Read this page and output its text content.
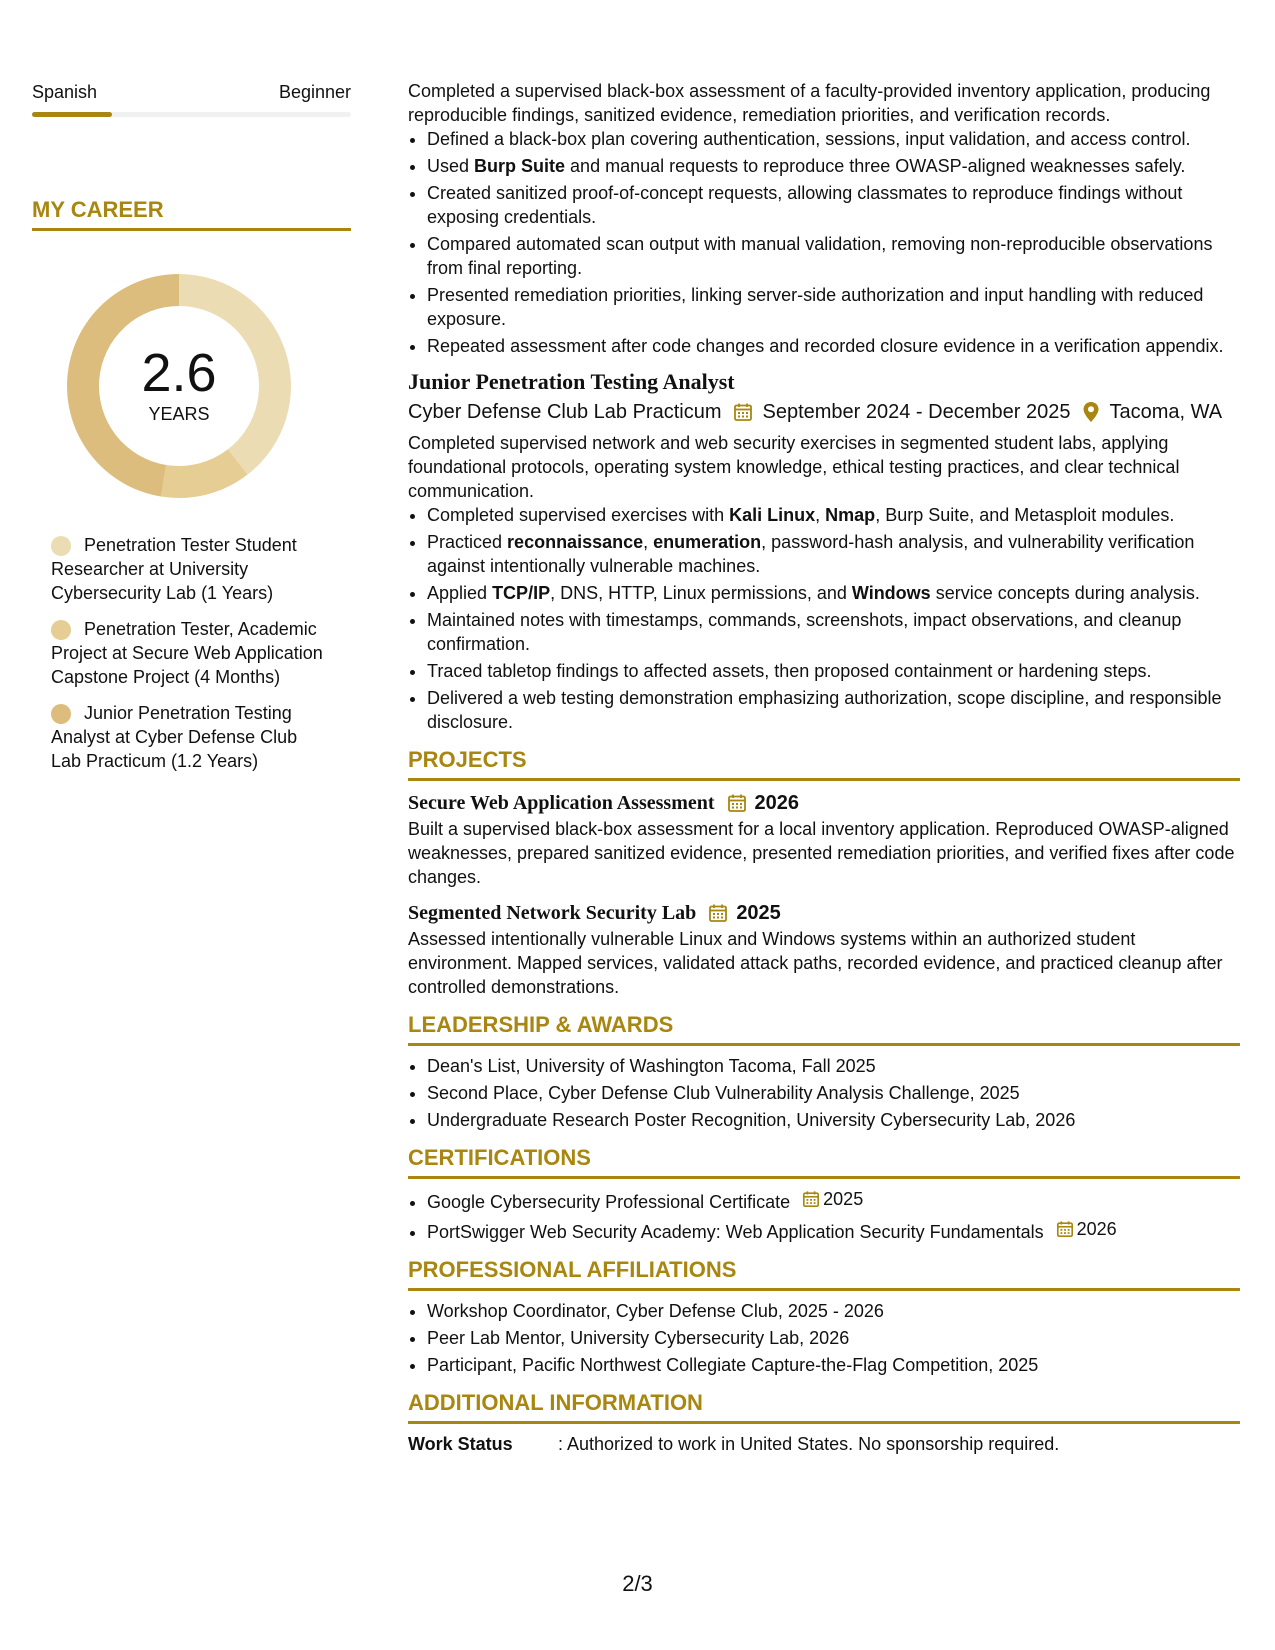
Spanish	Beginner
MY CAREER
2.6
YEARS
Penetration Tester Student Researcher at University Cybersecurity Lab (1 Years)
Penetration Tester, Academic Project at Secure Web Application Capstone Project (4 Months)
Junior Penetration Testing Analyst at Cyber Defense Club Lab Practicum (1.2 Years)

Completed a supervised black-box assessment of a faculty-provided inventory application, producing reproducible findings, sanitized evidence, remediation priorities, and verification records.

• Defined a black-box plan covering authentication, sessions, input validation, and access control.
• Used Burp Suite and manual requests to reproduce three OWASP-aligned weaknesses safely.
• Created sanitized proof-of-concept requests, allowing classmates to reproduce findings without exposing credentials.
• Compared automated scan output with manual validation, removing non-reproducible observations from final reporting.
• Presented remediation priorities, linking server-side authorization and input handling with reduced exposure.
• Repeated assessment after code changes and recorded closure evidence in a verification appendix.
Junior Penetration Testing Analyst
Cyber Defense Club Lab Practicum September 2024 - December 2025 Tacoma, WA

Completed supervised network and web security exercises in segmented student labs, applying foundational protocols, operating system knowledge, ethical testing practices, and clear technical communication.

• Completed supervised exercises with Kali Linux, Nmap, Burp Suite, and Metasploit modules.
• Practiced reconnaissance, enumeration, password-hash analysis, and vulnerability verification against intentionally vulnerable machines.
• Applied TCP/IP, DNS, HTTP, Linux permissions, and Windows service concepts during analysis.
• Maintained notes with timestamps, commands, screenshots, impact observations, and cleanup confirmation.
• Traced tabletop findings to affected assets, then proposed containment or hardening steps.
• Delivered a web testing demonstration emphasizing authorization, scope discipline, and responsible disclosure.
PROJECTS
Secure Web Application Assessment 2026

Built a supervised black-box assessment for a local inventory application. Reproduced OWASP-aligned weaknesses, prepared sanitized evidence, presented remediation priorities, and verified fixes after code changes.

Segmented Network Security Lab 2025

Assessed intentionally vulnerable Linux and Windows systems within an authorized student environment. Mapped services, validated attack paths, recorded evidence, and practiced cleanup after controlled demonstrations.

LEADERSHIP & AWARDS
• Dean's List, University of Washington Tacoma, Fall 2025
• Second Place, Cyber Defense Club Vulnerability Analysis Challenge, 2025
• Undergraduate Research Poster Recognition, University Cybersecurity Lab, 2026
CERTIFICATIONS
• Google Cybersecurity Professional Certificate 2025
• PortSwigger Web Security Academy: Web Application Security Fundamentals 2026
PROFESSIONAL AFFILIATIONS
• Workshop Coordinator, Cyber Defense Club, 2025 - 2026
• Peer Lab Mentor, University Cybersecurity Lab, 2026
• Participant, Pacific Northwest Collegiate Capture-the-Flag Competition, 2025
ADDITIONAL INFORMATION
Work Status	: Authorized to work in United States. No sponsorship required.
2/3
